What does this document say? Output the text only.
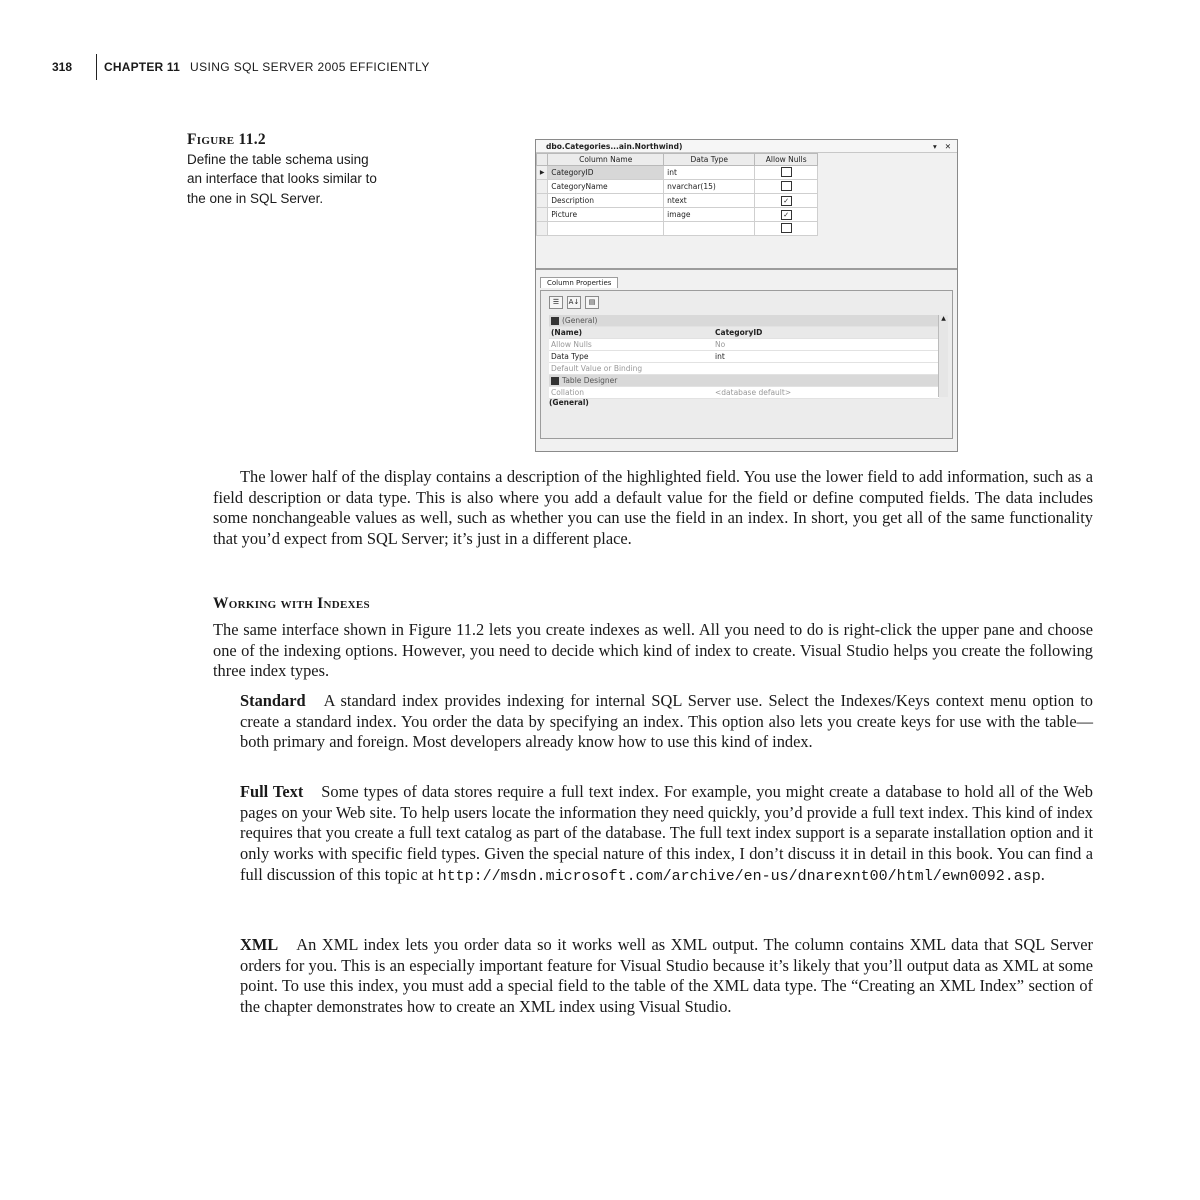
318	CHAPTER 11 USING SQL SERVER 2005 EFFICIENTLY
Figure 11.2
Define the table schema using an interface that looks similar to the one in SQL Server.
dbo.Categories...ain.Northwind)	▾ ✕
	Column Name	Data Type	Allow Nulls
▶	CategoryID	int	
	CategoryName	nvarchar(15)	
	Description	ntext	✓
	Picture	image	✓

Column Properties
☰	A↓	▤
(General)	
(Name)	CategoryID
Allow Nulls	No
Data Type	int
Default Value or Binding	
Table Designer	
Collation	<database default>
▲
(General)

The lower half of the display contains a description of the highlighted field. You use the lower field to add information, such as a field description or data type. This is also where you add a default value for the field or define computed fields. The data includes some nonchangeable values as well, such as whether you can use the field in an index. In short, you get all of the same functionality that you’d expect from SQL Server; it’s just in a different place.

Working with Indexes

The same interface shown in Figure 11.2 lets you create indexes as well. All you need to do is right-click the upper pane and choose one of the indexing options. However, you need to decide which kind of index to create. Visual Studio helps you create the following three index types.

Standard A standard index provides indexing for internal SQL Server use. Select the Indexes/Keys context menu option to create a standard index. You order the data by specifying an index. This option also lets you create keys for use with the table—both primary and foreign. Most developers already know how to use this kind of index.

Full Text Some types of data stores require a full text index. For example, you might create a database to hold all of the Web pages on your Web site. To help users locate the information they need quickly, you’d provide a full text index. This kind of index requires that you create a full text catalog as part of the database. The full text index support is a separate installation option and it only works with specific field types. Given the special nature of this index, I don’t discuss it in detail in this book. You can find a full discussion of this topic at http://msdn.microsoft.com/archive/en-us/dnarexnt00/html/ewn0092.asp.

XML An XML index lets you order data so it works well as XML output. The column contains XML data that SQL Server orders for you. This is an especially important feature for Visual Studio because it’s likely that you’ll output data as XML at some point. To use this index, you must add a special field to the table of the XML data type. The “Creating an XML Index” section of the chapter demonstrates how to create an XML index using Visual Studio.
